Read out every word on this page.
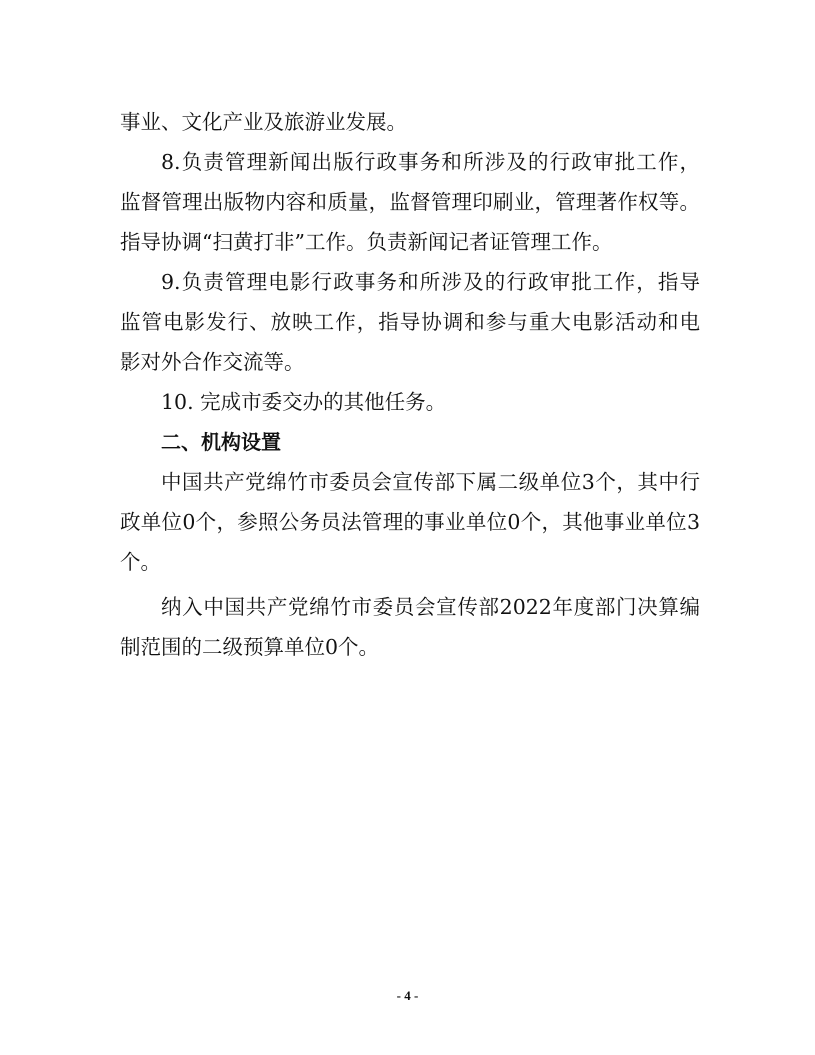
事业、文化产业及旅游业发展。
8.负责管理新闻出版行政事务和所涉及的行政审批工作，
监督管理出版物内容和质量，监督管理印刷业，管理著作权等。
指导协调“扫黄打非”工作。负责新闻记者证管理工作。
9.负责管理电影行政事务和所涉及的行政审批工作，指导
监管电影发行、放映工作，指导协调和参与重大电影活动和电
影对外合作交流等。
10. 完成市委交办的其他任务。
二、机构设置
中国共产党绵竹市委员会宣传部下属二级单位3个，其中行
政单位0个，参照公务员法管理的事业单位0个，其他事业单位3
个。
纳入中国共产党绵竹市委员会宣传部2022年度部门决算编
制范围的二级预算单位0个。
- 4 -
